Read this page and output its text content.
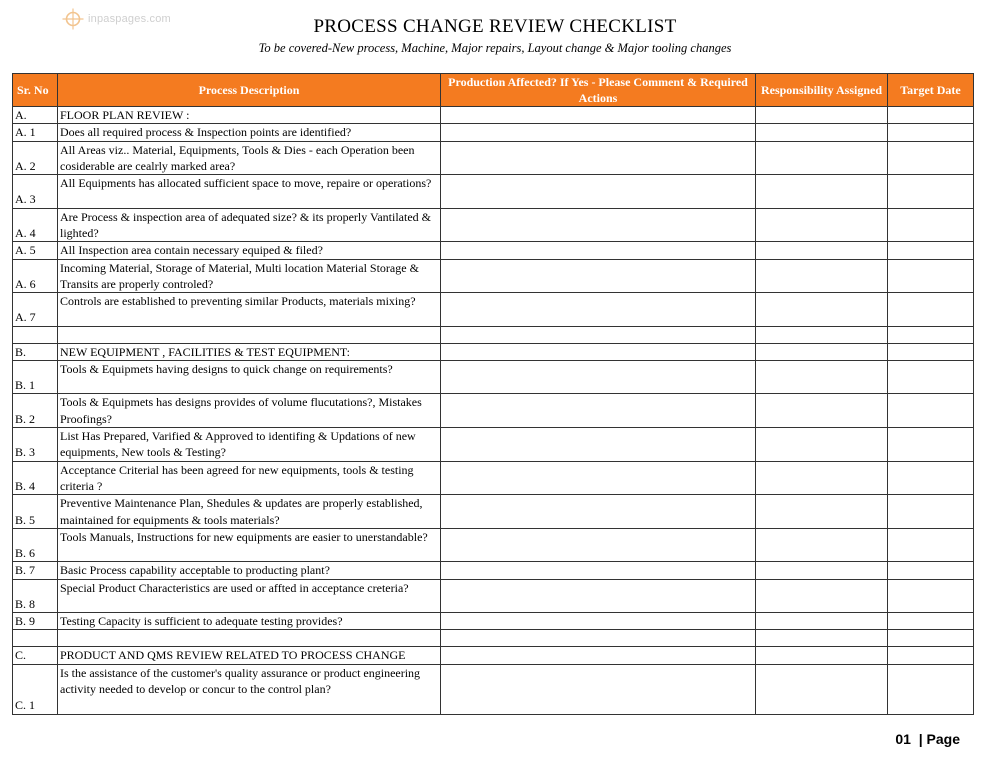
inpaspages.com	PROCESS CHANGE REVIEW CHECKLIST
To be covered-New process, Machine, Major repairs, Layout change & Major tooling changes
Sr. No	Process Description	Production Affected? If Yes - Please Comment & Required Actions	Responsibility Assigned	Target Date
A.	FLOOR PLAN REVIEW :			
A. 1	Does all required process & Inspection points are identified?			
A. 2	All Areas viz.. Material, Equipments, Tools & Dies - each Operation been cosiderable are cealrly marked area?			
A. 3	All Equipments has allocated sufficient space to move, repaire or operations?			
A. 4	Are Process & inspection area of adequated size? & its properly Vantilated & lighted?			
A. 5	All Inspection area contain necessary equiped & filed?			
A. 6	Incoming Material, Storage of Material, Multi location Material Storage & Transits are properly controled?			
A. 7	Controls are established to preventing similar Products, materials mixing?			

B.	NEW EQUIPMENT , FACILITIES & TEST EQUIPMENT:			
B. 1	Tools & Equipmets having designs to quick change on requirements?			
B. 2	Tools & Equipmets has designs provides of volume flucutations?, Mistakes Proofings?			
B. 3	List Has Prepared, Varified & Approved to identifing & Updations of new equipments, New tools & Testing?			
B. 4	Acceptance Criterial has been agreed for new equipments, tools & testing criteria ?			
B. 5	Preventive Maintenance Plan, Shedules & updates are properly established, maintained for equipments & tools materials?			
B. 6	Tools Manuals, Instructions for new equipments are easier to unerstandable?			
B. 7	Basic Process capability acceptable to producting plant?			
B. 8	Special Product Characteristics are used or affted in acceptance creteria?			
B. 9	Testing Capacity is sufficient to adequate testing provides?			

C.	PRODUCT AND QMS REVIEW RELATED TO PROCESS CHANGE			
C. 1	Is the assistance of the customer's quality assurance or product engineering activity needed to develop or concur to the control plan?			
01 | Page
